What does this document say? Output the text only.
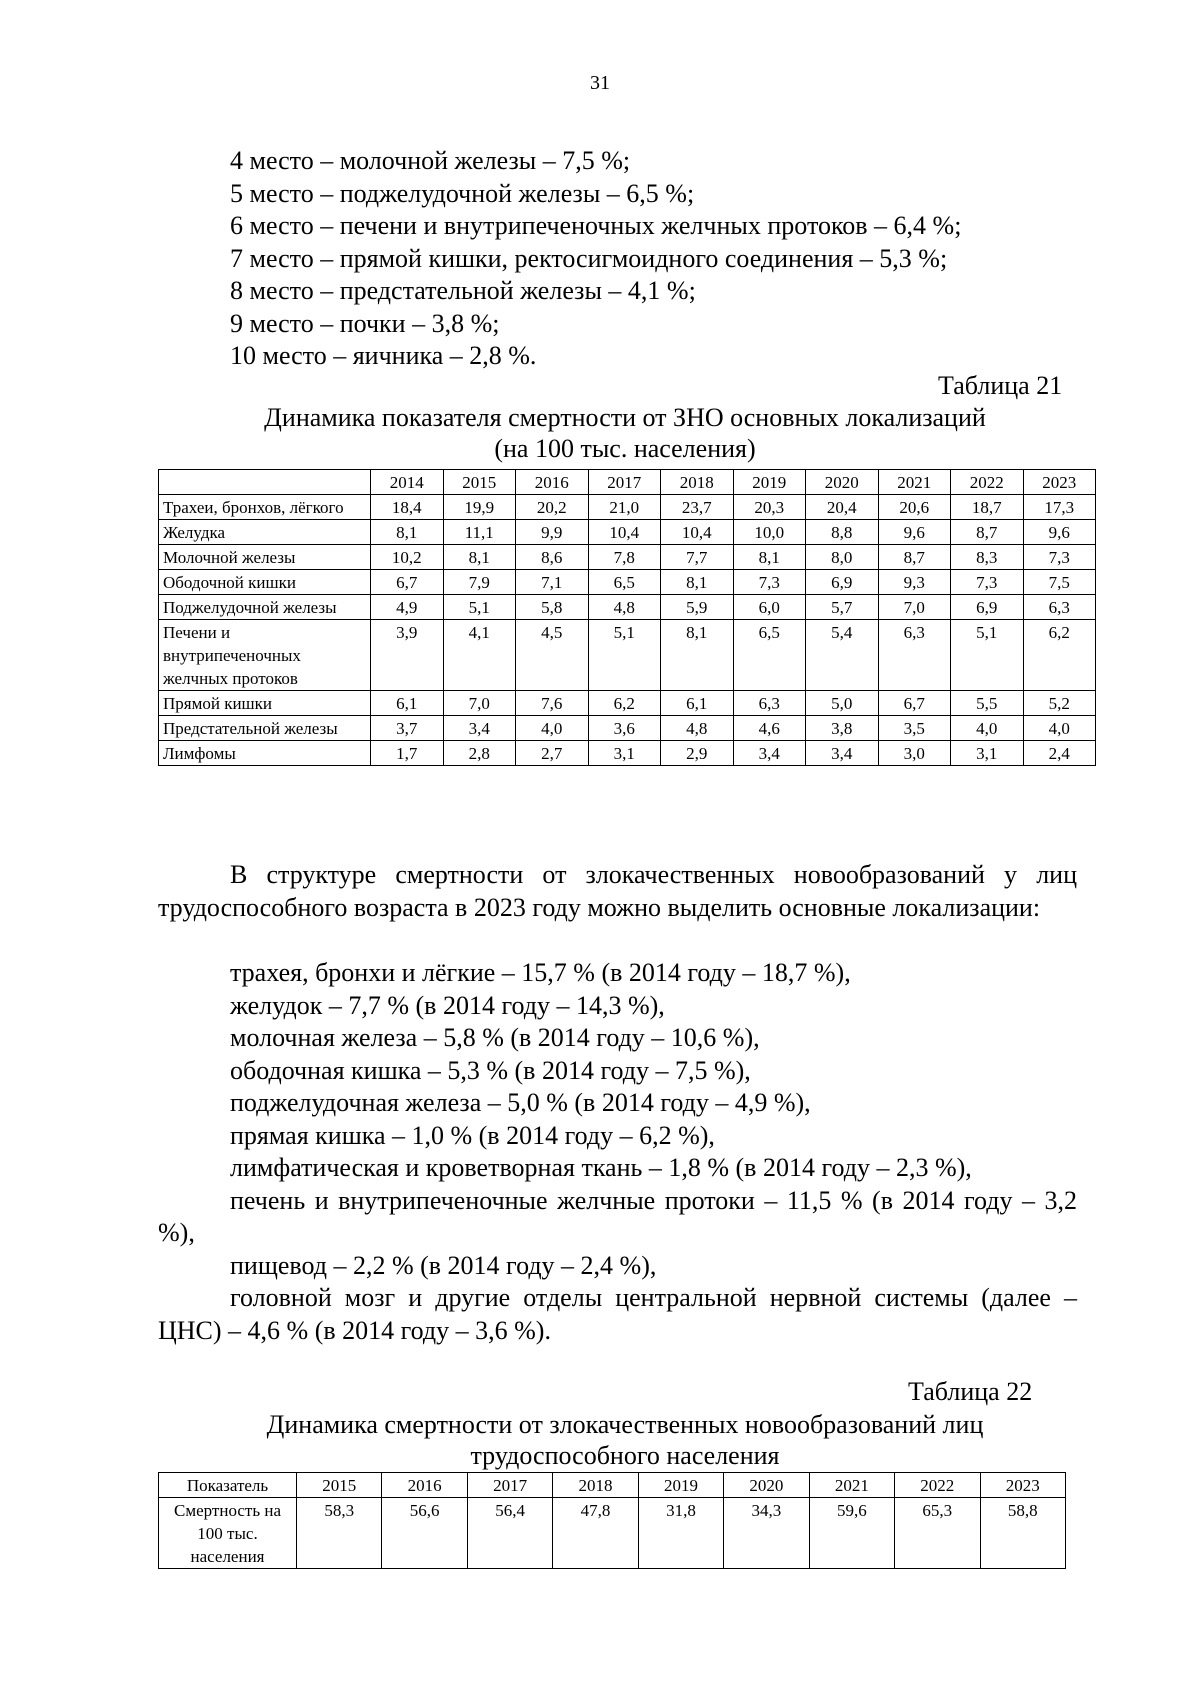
31
4 место – молочной железы – 7,5 %;
5 место – поджелудочной железы – 6,5 %;
6 место – печени и внутрипеченочных желчных протоков – 6,4 %;
7 место – прямой кишки, ректосигмоидного соединения – 5,3 %;
8 место – предстательной железы – 4,1 %;
9 место – почки – 3,8 %;
10 место – яичника – 2,8 %.
Таблица 21
Динамика показателя смертности от ЗНО основных локализаций
(на 100 тыс. населения)
	2014	2015	2016	2017	2018	2019	2020	2021	2022	2023
Трахеи, бронхов, лёгкого	18,4	19,9	20,2	21,0	23,7	20,3	20,4	20,6	18,7	17,3
Желудка	8,1	11,1	9,9	10,4	10,4	10,0	8,8	9,6	8,7	9,6
Молочной железы	10,2	8,1	8,6	7,8	7,7	8,1	8,0	8,7	8,3	7,3
Ободочной кишки	6,7	7,9	7,1	6,5	8,1	7,3	6,9	9,3	7,3	7,5
Поджелудочной железы	4,9	5,1	5,8	4,8	5,9	6,0	5,7	7,0	6,9	6,3
Печени и внутрипеченочных желчных протоков	3,9	4,1	4,5	5,1	8,1	6,5	5,4	6,3	5,1	6,2
Прямой кишки	6,1	7,0	7,6	6,2	6,1	6,3	5,0	6,7	5,5	5,2
Предстательной железы	3,7	3,4	4,0	3,6	4,8	4,6	3,8	3,5	4,0	4,0
Лимфомы	1,7	2,8	2,7	3,1	2,9	3,4	3,4	3,0	3,1	2,4
В структуре смертности от злокачественных новообразований у лиц трудоспособного возраста в 2023 году можно выделить основные локализации:
трахея, бронхи и лёгкие – 15,7 % (в 2014 году – 18,7 %),
желудок – 7,7 % (в 2014 году – 14,3 %),
молочная железа – 5,8 % (в 2014 году – 10,6 %),
ободочная кишка – 5,3 % (в 2014 году – 7,5 %),
поджелудочная железа – 5,0 % (в 2014 году – 4,9 %),
прямая кишка – 1,0 % (в 2014 году – 6,2 %),
лимфатическая и кроветворная ткань – 1,8 % (в 2014 году – 2,3 %),
печень и внутрипеченочные желчные протоки – 11,5 % (в 2014 году – 3,2 %),
пищевод – 2,2 % (в 2014 году – 2,4 %),
головной мозг и другие отделы центральной нервной системы (далее – ЦНС) – 4,6 % (в 2014 году – 3,6 %).
Таблица 22
Динамика смертности от злокачественных новообразований лиц
трудоспособного населения
Показатель	2015	2016	2017	2018	2019	2020	2021	2022	2023
Смертность на 100 тыс. населения	58,3	56,6	56,4	47,8	31,8	34,3	59,6	65,3	58,8
